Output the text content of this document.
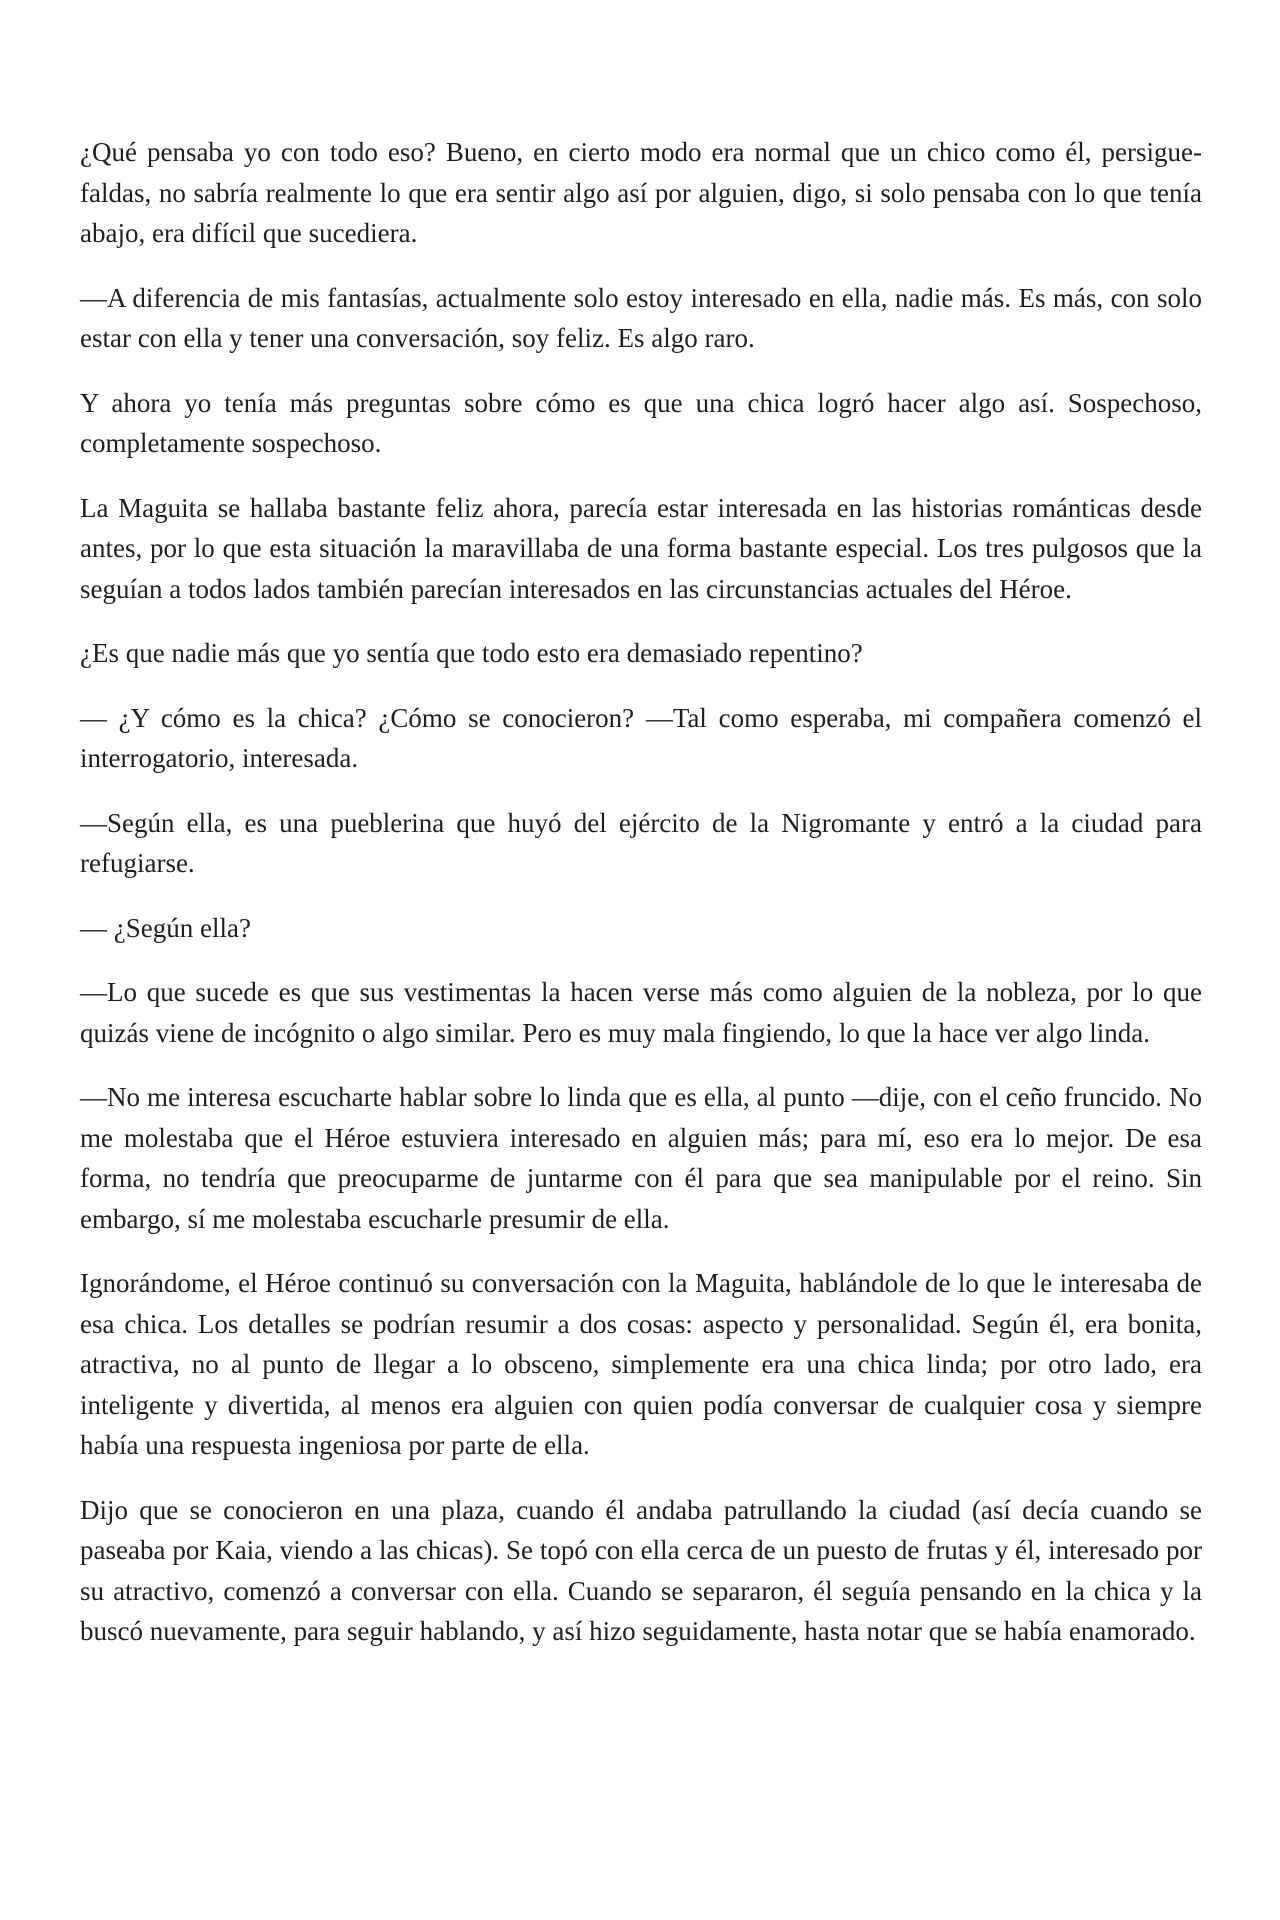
¿Qué pensaba yo con todo eso? Bueno, en cierto modo era normal que un chico como él, persigue-faldas, no sabría realmente lo que era sentir algo así por alguien, digo, si solo pensaba con lo que tenía abajo, era difícil que sucediera.

—A diferencia de mis fantasías, actualmente solo estoy interesado en ella, nadie más. Es más, con solo estar con ella y tener una conversación, soy feliz. Es algo raro.

Y ahora yo tenía más preguntas sobre cómo es que una chica logró hacer algo así. Sospechoso, completamente sospechoso.

La Maguita se hallaba bastante feliz ahora, parecía estar interesada en las historias románticas desde antes, por lo que esta situación la maravillaba de una forma bastante especial. Los tres pulgosos que la seguían a todos lados también parecían interesados en las circunstancias actuales del Héroe.

¿Es que nadie más que yo sentía que todo esto era demasiado repentino?

— ¿Y cómo es la chica? ¿Cómo se conocieron? —Tal como esperaba, mi compañera comenzó el interrogatorio, interesada.

—Según ella, es una pueblerina que huyó del ejército de la Nigromante y entró a la ciudad para refugiarse.

— ¿Según ella?

—Lo que sucede es que sus vestimentas la hacen verse más como alguien de la nobleza, por lo que quizás viene de incógnito o algo similar. Pero es muy mala fingiendo, lo que la hace ver algo linda.

—No me interesa escucharte hablar sobre lo linda que es ella, al punto —dije, con el ceño fruncido. No me molestaba que el Héroe estuviera interesado en alguien más; para mí, eso era lo mejor. De esa forma, no tendría que preocuparme de juntarme con él para que sea manipulable por el reino. Sin embargo, sí me molestaba escucharle presumir de ella.

Ignorándome, el Héroe continuó su conversación con la Maguita, hablándole de lo que le interesaba de esa chica. Los detalles se podrían resumir a dos cosas: aspecto y personalidad. Según él, era bonita, atractiva, no al punto de llegar a lo obsceno, simplemente era una chica linda; por otro lado, era inteligente y divertida, al menos era alguien con quien podía conversar de cualquier cosa y siempre había una respuesta ingeniosa por parte de ella.

Dijo que se conocieron en una plaza, cuando él andaba patrullando la ciudad (así decía cuando se paseaba por Kaia, viendo a las chicas). Se topó con ella cerca de un puesto de frutas y él, interesado por su atractivo, comenzó a conversar con ella. Cuando se separaron, él seguía pensando en la chica y la buscó nuevamente, para seguir hablando, y así hizo seguidamente, hasta notar que se había enamorado.
